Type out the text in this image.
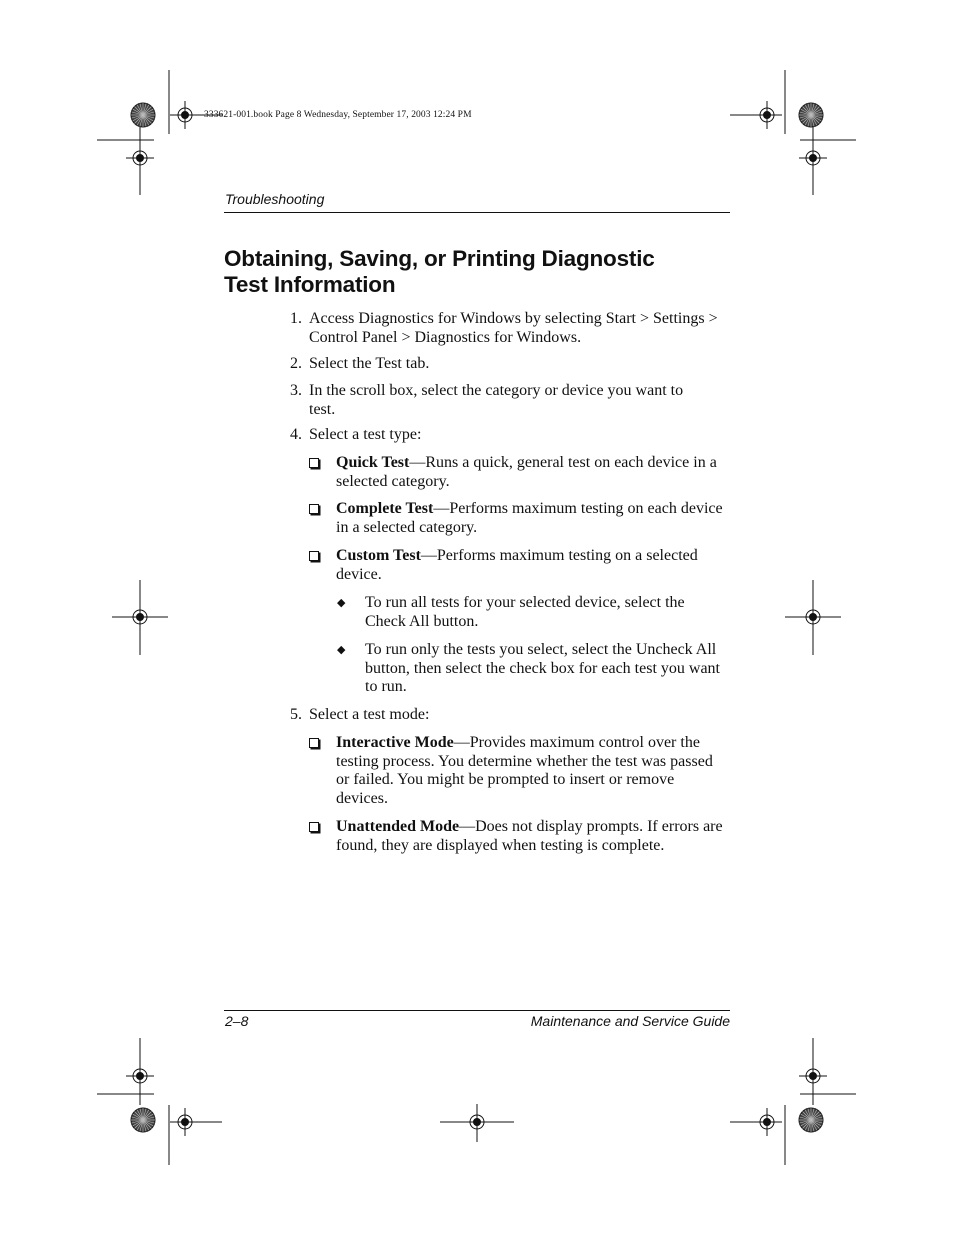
333621-001.book Page 8 Wednesday, September 17, 2003 12:24 PM
Troubleshooting
Obtaining, Saving, or Printing Diagnostic
Test Information
1. Access Diagnostics for Windows by selecting Start > Settings > Control Panel > Diagnostics for Windows.
2. Select the Test tab.
3. In the scroll box, select the category or device you want to test.
4. Select a test type:
Quick Test—Runs a quick, general test on each device in a selected category.
Complete Test—Performs maximum testing on each device in a selected category.
Custom Test—Performs maximum testing on a selected device.
◆ To run all tests for your selected device, select the Check All button.
◆ To run only the tests you select, select the Uncheck All button, then select the check box for each test you want to run.
5. Select a test mode:
Interactive Mode—Provides maximum control over the testing process. You determine whether the test was passed or failed. You might be prompted to insert or remove devices.
Unattended Mode—Does not display prompts. If errors are found, they are displayed when testing is complete.
2–8	Maintenance and Service Guide
